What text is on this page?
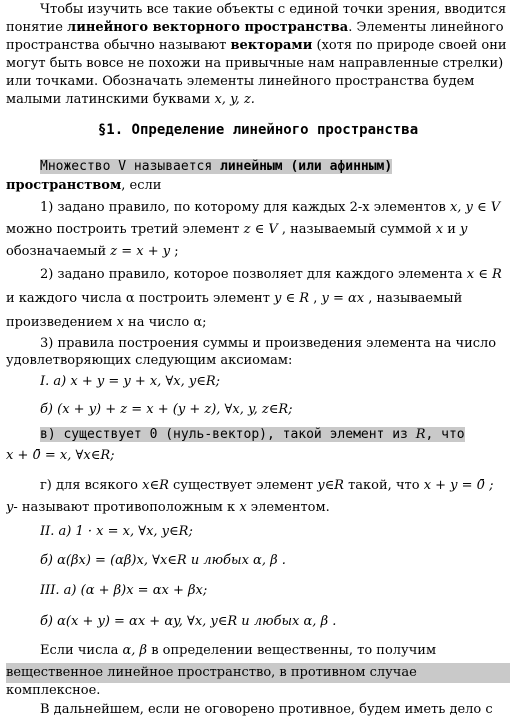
Чтобы изучить все такие объекты с единой точки зрения, вводится
понятие линейного векторного пространства. Элементы линейного
пространства обычно называют векторами (хотя по природе своей они
могут быть вовсе не похожи на привычные нам направленные стрелки)
или точками. Обозначать элементы линейного пространства будем
малыми латинскими буквами x, y, z.
§1. Определение линейного пространства
Множество V называется линейным (или афинным)
пространством, если
1) задано правило, по которому для каждых 2-х элементов x, y ∈ V
можно построить третий элемент z ∈ V , называемый суммой x и y
обозначаемый z = x + y ;
2) задано правило, которое позволяет для каждого элемента x ∈ R
и каждого числа α построить элемент y ∈ R , y = αx , называемый
произведением x на число α;
3) правила построения суммы и произведения элемента на число
удовлетворяющих следующим аксиомам:
I. а) x + y = y + x, ∀x, y∈R;
б) (x + y) + z = x + (y + z), ∀x, y, z∈R;
в) существует 0 (нуль-вектор), такой элемент из R, что
x + 0̄ = x, ∀x∈R;
г) для всякого x∈R существует элемент y∈R такой, что x + y = 0̄ ;
y- называют противоположным к x элементом.
II. а) 1 · x = x, ∀x, y∈R;
б) α(βx) = (αβ)x, ∀x∈R и любых α, β .
III. а) (α + β)x = αx + βx;
б) α(x + y) = αx + αy, ∀x, y∈R и любых α, β .
Если числа α, β в определении вещественны, то получим
вещественное линейное пространство, в противном случае
комплексное.
В дальнейшем, если не оговорено противное, будем иметь дело с
